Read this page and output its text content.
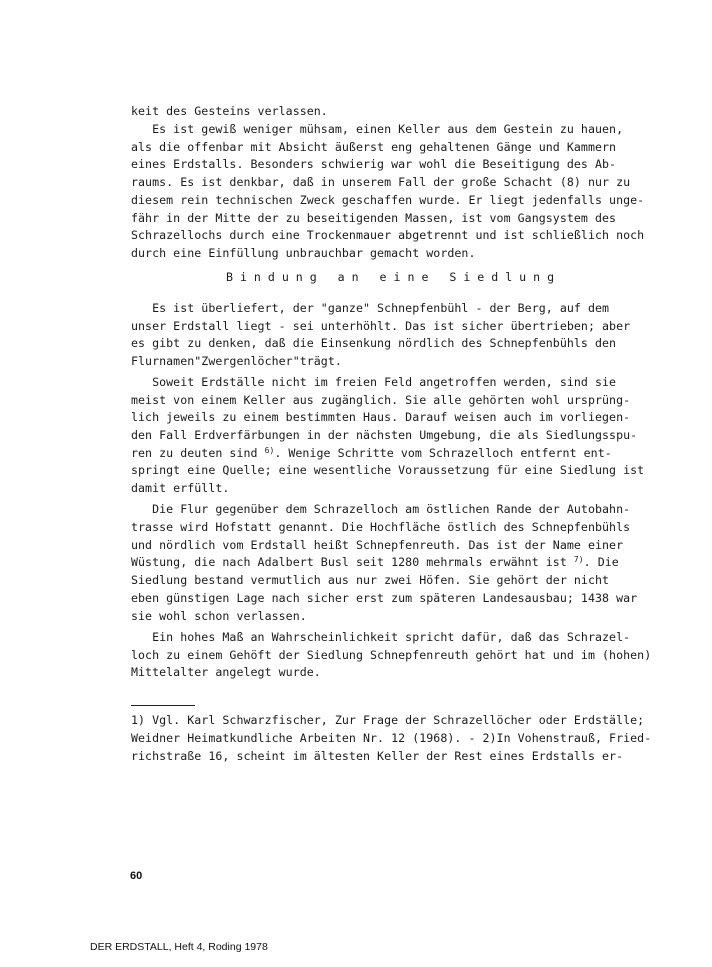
keit des Gesteins verlassen.
Es ist gewiß weniger mühsam, einen Keller aus dem Gestein zu hauen,
als die offenbar mit Absicht äußerst eng gehaltenen Gänge und Kammern
eines Erdstalls. Besonders schwierig war wohl die Beseitigung des Ab-
raums. Es ist denkbar, daß in unserem Fall der große Schacht (8) nur zu
diesem rein technischen Zweck geschaffen wurde. Er liegt jedenfalls unge-
fähr in der Mitte der zu beseitigenden Massen, ist vom Gangsystem des
Schrazellochs durch eine Trockenmauer abgetrennt und ist schließlich noch
durch eine Einfüllung unbrauchbar gemacht worden.
B i n d u n g   a n   e i n e   S i e d l u n g
Es ist überliefert, der "ganze" Schnepfenbühl - der Berg, auf dem
unser Erdstall liegt - sei unterhöhlt. Das ist sicher übertrieben; aber
es gibt zu denken, daß die Einsenkung nördlich des Schnepfenbühls den
Flurnamen"Zwergenlöcher"trägt.
Soweit Erdställe nicht im freien Feld angetroffen werden, sind sie
meist von einem Keller aus zugänglich. Sie alle gehörten wohl ursprüng-
lich jeweils zu einem bestimmten Haus. Darauf weisen auch im vorliegen-
den Fall Erdverfärbungen in der nächsten Umgebung, die als Siedlungsspu-
ren zu deuten sind $^{6)}$. Wenige Schritte vom Schrazelloch entfernt ent-
springt eine Quelle; eine wesentliche Voraussetzung für eine Siedlung ist
damit erfüllt.
Die Flur gegenüber dem Schrazelloch am östlichen Rande der Autobahn-
trasse wird Hofstatt genannt. Die Hochfläche östlich des Schnepfenbühls
und nördlich vom Erdstall heißt Schnepfenreuth. Das ist der Name einer
Wüstung, die nach Adalbert Busl seit 1280 mehrmals erwähnt ist $^{7)}$. Die
Siedlung bestand vermutlich aus nur zwei Höfen. Sie gehört der nicht
eben günstigen Lage nach sicher erst zum späteren Landesausbau; 1438 war
sie wohl schon verlassen.
Ein hohes Maß an Wahrscheinlichkeit spricht dafür, daß das Schrazel-
loch zu einem Gehöft der Siedlung Schnepfenreuth gehört hat und im (hohen)
Mittelalter angelegt wurde.
1) Vgl. Karl Schwarzfischer, Zur Frage der Schrazellöcher oder Erdställe;
Weidner Heimatkundliche Arbeiten Nr. 12 (1968). - 2)In Vohenstrauß, Fried-
richstraße 16, scheint im ältesten Keller der Rest eines Erdstalls er-
60
DER ERDSTALL, Heft 4, Roding 1978
